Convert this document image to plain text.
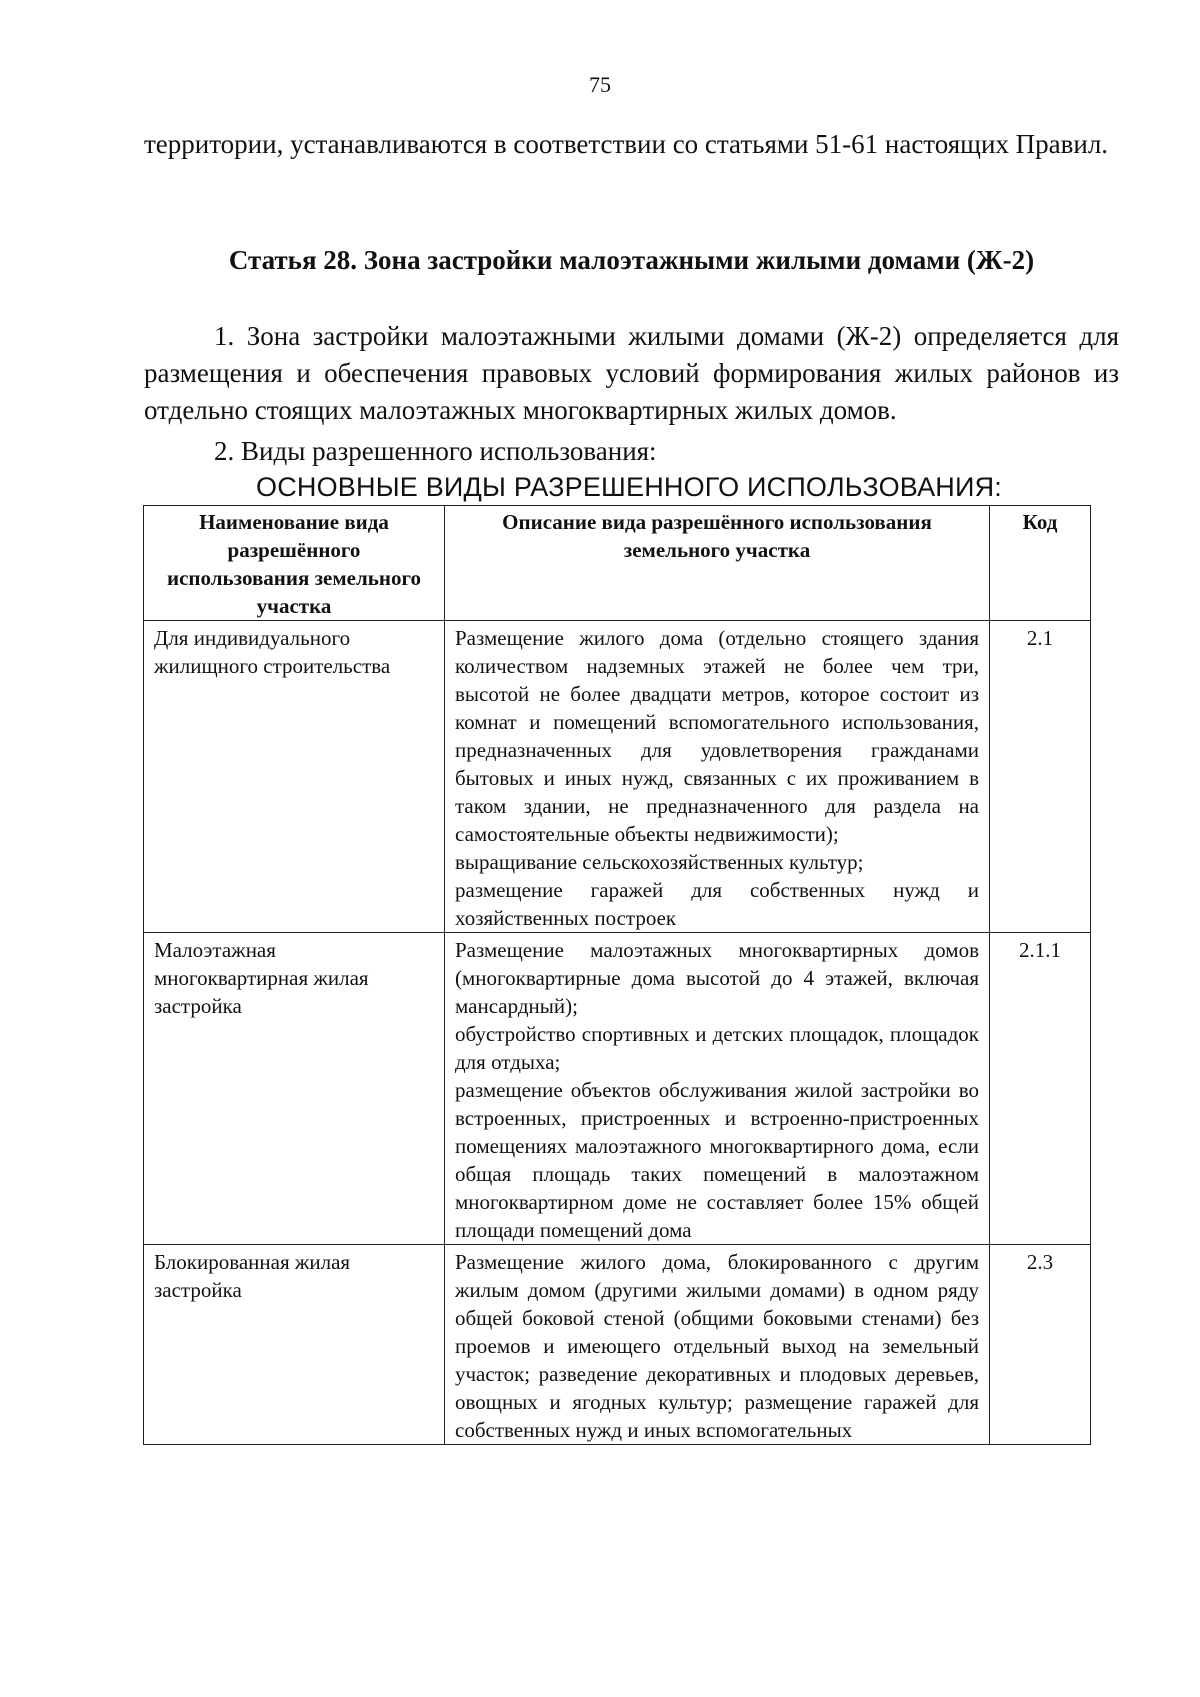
75

территории, устанавливаются в соответствии со статьями 51-61 настоящих Правил.

Статья 28. Зона застройки малоэтажными жилыми домами (Ж-2)

1. Зона застройки малоэтажными жилыми домами (Ж-2) определяется для размещения и обеспечения правовых условий формирования жилых районов из отдельно стоящих малоэтажных многоквартирных жилых домов.

2. Виды разрешенного использования:
ОСНОВНЫЕ ВИДЫ РАЗРЕШЕННОГО ИСПОЛЬЗОВАНИЯ:
Наименование вида разрешённого использования земельного участка	Описание вида разрешённого использования земельного участка	Код
Для индивидуального жилищного строительства	Размещение жилого дома (отдельно стоящего здания количеством надземных этажей не более чем три, высотой не более двадцати метров, которое состоит из комнат и помещений вспомогательного использования, предназначенных для удовлетворения гражданами бытовых и иных нужд, связанных с их проживанием в таком здании, не предназначенного для раздела на самостоятельные объекты недвижимости);
выращивание сельскохозяйственных культур;
размещение гаражей для собственных нужд и хозяйственных построек	2.1
Малоэтажная многоквартирная жилая застройка	Размещение малоэтажных многоквартирных домов (многоквартирные дома высотой до 4 этажей, включая мансардный);
обустройство спортивных и детских площадок, площадок для отдыха;
размещение объектов обслуживания жилой застройки во встроенных, пристроенных и встроенно-пристроенных помещениях малоэтажного многоквартирного дома, если общая площадь таких помещений в малоэтажном многоквартирном доме не составляет более 15% общей площади помещений дома	2.1.1
Блокированная жилая застройка	Размещение жилого дома, блокированного с другим жилым домом (другими жилыми домами) в одном ряду общей боковой стеной (общими боковыми стенами) без проемов и имеющего отдельный выход на земельный участок; разведение декоративных и плодовых деревьев, овощных и ягодных культур; размещение гаражей для собственных нужд и иных вспомогательных	2.3
